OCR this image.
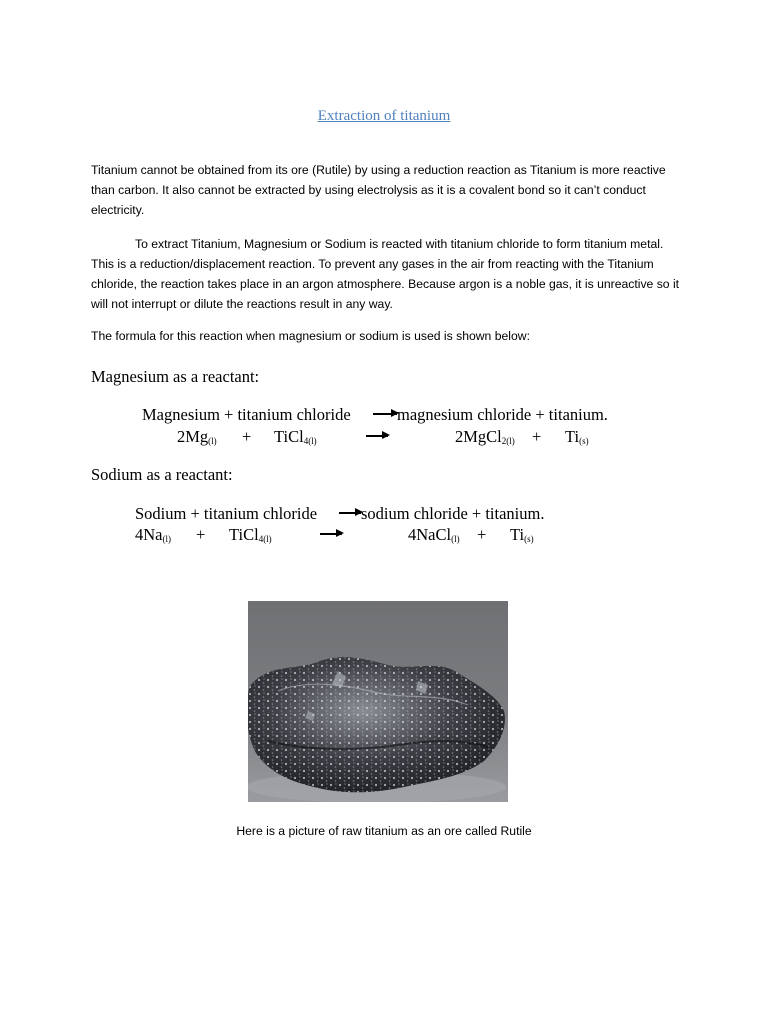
Extraction of titanium
Titanium cannot be obtained from its ore (Rutile) by using a reduction reaction as Titanium is more reactive than carbon. It also cannot be extracted by using electrolysis as it is a covalent bond so it can’t conduct electricity.
To extract Titanium, Magnesium or Sodium is reacted with titanium chloride to form titanium metal. This is a reduction/displacement reaction. To prevent any gases in the air from reacting with the Titanium chloride, the reaction takes place in an argon atmosphere. Because argon is a noble gas, it is unreactive so it will not interrupt or dilute the reactions result in any way.
The formula for this reaction when magnesium or sodium is used is shown below:
Magnesium as a reactant:
Magnesium + titanium chloride	magnesium chloride + titanium.
$2Mg_{(l)}$ + TiCl$_{4(l)}$	2MgCl$_{2(l)}$ + $Ti_{(s)}$
Sodium as a reactant:
Sodium + titanium chloride	sodium chloride + titanium.
$4Na_{(l)}$ + TiCl$_{4(l)}$	4NaCl$_{(l)}$ + $Ti_{(s)}$
Here is a picture of raw titanium as an ore called Rutile
